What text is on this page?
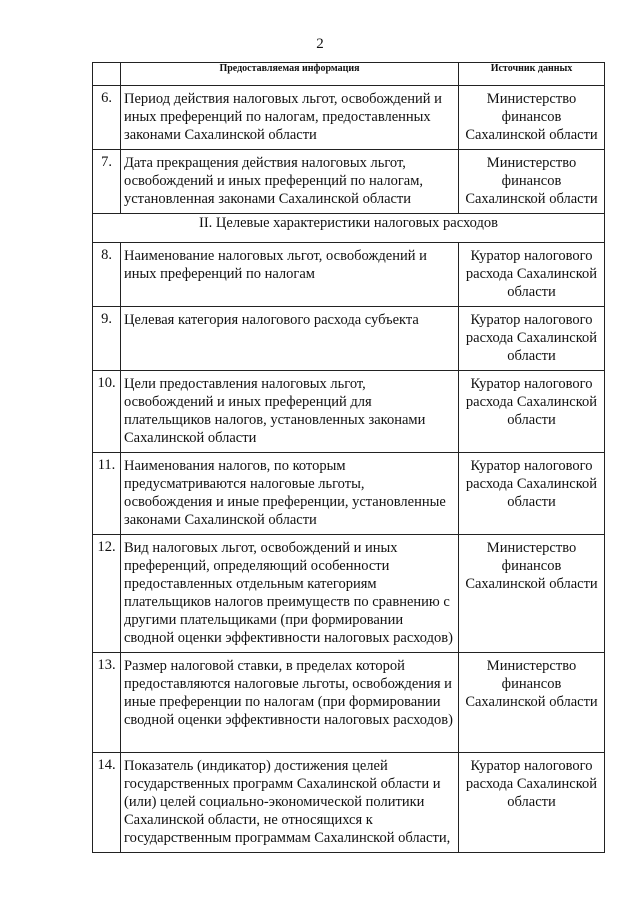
2
	Предоставляемая информация	Источник данных
6.	Период действия налоговых льгот, освобождений и иных преференций по налогам, предоставленных законами Сахалинской области	Министерство финансов Сахалинской области
7.	Дата прекращения действия налоговых льгот, освобождений и иных преференций по налогам, установленная законами Сахалинской области	Министерство финансов Сахалинской области
II. Целевые характеристики налоговых расходов		
8.	Наименование налоговых льгот, освобождений и иных преференций по налогам	Куратор налогового расхода Сахалинской области
9.	Целевая категория налогового расхода субъекта	Куратор налогового расхода Сахалинской области
10.	Цели предоставления налоговых льгот, освобождений и иных преференций для плательщиков налогов, установленных законами Сахалинской области	Куратор налогового расхода Сахалинской области
11.	Наименования налогов, по которым предусматриваются налоговые льготы, освобождения и иные преференции, установленные законами Сахалинской области	Куратор налогового расхода Сахалинской области
12.	Вид налоговых льгот, освобождений и иных преференций, определяющий особенности предоставленных отдельным категориям плательщиков налогов преимуществ по сравнению с другими плательщиками (при формировании сводной оценки эффективности налоговых расходов)	Министерство финансов Сахалинской области
13.	Размер налоговой ставки, в пределах которой предоставляются налоговые льготы, освобождения и иные преференции по налогам (при формировании сводной оценки эффективности налоговых расходов)	Министерство финансов Сахалинской области
14.	Показатель (индикатор) достижения целей государственных программ Сахалинской области и (или) целей социально-экономической политики Сахалинской области, не относящихся к государственным программам Сахалинской области,	Куратор налогового расхода Сахалинской области
